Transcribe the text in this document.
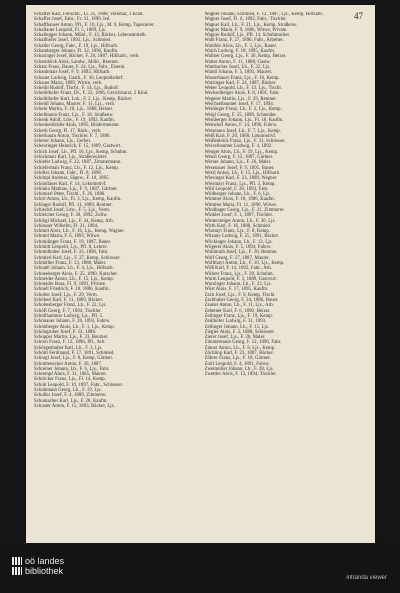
47

Schaffer Karl, Fleischh., Ll. 25, 1888, Volkmar, 3 Kind.

Schaffer Josef, Fabr., Fr. 31, 1899, led.

Schaffhauser Anton, Pfl., F. 10, Ljs., M. 9, Kemp, Tapezierer.

Schallauer Leopold, Fl. 5, 1889, Ljs.

Schallegger Johann, Mühl., F. 13, Bäcker, Lebensmittelh.

Schallhofer Josef, 1892, Ljs., Schmied.

Schaller Georg, Fabr., F. 19, Ljs., Hilfsarb.

Schamberger Johann, Fl. 32, 1896, Kaufm.

Scharinger Josef, Bäcker, F. 28, 1887, Hilfsarb., verh.

Scharnböck Alois, Landw., Mühl., Rentner.

Schatz Franz, Bauer, F. 24, Ljs., Fabr., Eisenb.

Schaubmair Josef, F. 9, 1893, Hilfsarb.

Schauer Ludwig, Gasth., F. 30, Leopoldsdorf.

Schauer Maria, 1889, Wirtin, verh.

Scheibl Rudolf, Tischl., F. 14, Ljs., Rudolf.

Scheiblhofer Franz, Dr., F. 22, 1896, Gerichtsarzt, 2 Kind.

Scheiblhofer Karl, Lok., F. 2, Ljs., Kemp, Bäcker.

Scheidl Johann, Maurer, F. 11, Ljs., verh.

Schein Martin, F. 20, Ljs., 1888, Heizer.

Schellmann Franz, Ljs., F. 18, Straßenw.

Schenk Adolf, Ldw., F. 19, 1892, Kaufm.

Schenkenfelder Alois, 1895, Bindermeister.

Scherb Georg, Fl. 17, Bäck., verh.

Scherbaum Anton, Tischler, F. 7, 1886.

Scherer Johann, Ljs., Gerber.

Scheuringer Heinrich, F. 15, 1889, Gastwirt.

Schick Josef, Lb., Pfl. 16, Ljs., Kemp, Schuhm.

Schickmair Karl, Ljs., Straßenwärter.

Schiefer Ludwig, F. 22, 1887, Zimmermann.

Schiefermair Franz, Lb., F. 12, Ljs., Kemp.

Schiller Johann, Fabr., Fl. 8, 1898.

Schimpl Andreas, Sägew., F. 10, 1895.

Schindlauer Karl, F. 14, Lokomotivf.

Schinko Mathias, Ljs., F. 9, 1887, Gärtner.

Schinnerl Peter, Tischl., F. 26, 1886.

Schirl Anton, Lb., Fl. 3, Ljs., Kemp, Kaufm.

Schlager Rudolf, Pfl. 11, 1889, Rentner.

Schlechtl Josef, Ldw., F. 5, Ljs., Verm.

Schleicher Georg, F. 30, 1892, Zollw.

Schlögl Michael, Ljs., F. 24, Kemp, Arb.

Schlosser Wilhelm, Fl. 21, 1884.

Schmid Alois, Lb., F. 16, Ljs., Kemp, Wagner.

Schmid Maria, F. 6, 1893, Witwe.

Schmidinger Franz, F. 19, 1887, Bauer.

Schmidt Leopold, Ljs., Pfl. 8, Lehrer.

Schmidhuber Josef, F. 33, 1896, Fabr.

Schmierl Karl, Ljs., F. 27, Kemp, Schlosser.

Schmöller Franz, F. 13, 1888, Maler.

Schnabl Johann, Lb., F. 4, Ljs., Hilfsarb.

Schneeberger Alois, F. 25, 1890, Kutscher.

Schneider Anton, Lb., F. 15, Ljs., Kemp.

Schneider Rosa, Fl. 9, 1891, Private.

Schnell Friedrich, F. 18, 1886, Kaufm.

Schober Josef, Ljs., F. 29, Verm.

Schöberl Karl, F. 11, 1889, Bäcker.

Schobesberger Franz, Lb., F. 22, Ljs.

Schöfl Georg, F. 7, 1894, Tischler.

Schöllhammer Ludwig, Ljs., Pfl. 5.

Schönauer Johann, F. 20, 1893, Fuhrw.

Schönberger Alois, Lb., F. 1, Ljs., Kemp.

Schöngruber Josef, F. 14, 1888.

Schopper Martin, Ljs., F. 23, Rentner.

Schorn Franz, F. 12, 1896, Pfl., Arb.

Schörgenhuber Karl, Lb., F. 3, Ljs.

Schöttl Ferdinand, F. 17, 1891, Schmied.

Schragl Josef, Ljs., F. 8, Kemp, Gärtner.

Schrattenecker Anton, F. 26, 1887.

Schreiner Johann, Lb., F. 6, Ljs., Fabr.

Schrempf Alois, F. 31, 1885, Maurer.

Schröcker Franz, Ljs., Fl. 14, Kemp.

Schuh Leopold, F. 10, 1897, Fabr., Schlosser.

Schuhmann Georg, Lb., F. 19, Ljs.

Schuller Josef, F. 4, 1889, Zimmerer.

Schumacher Karl, Ljs., F. 28, Kaufm.

Schuster Anton, F. 15, 1893, Bäcker, Ljs.

Wagner Johann, Schmied, F. 12, 1887, Ljs., Kemp, Hilfsarb.

Wagner Josef, Fl. 6, 1892, Fabr., Tischler.

Wagner Karl, Lb., F. 21, Ljs., Kemp, Straßenw.

Wagner Maria, F. 9, 1886, Witwe, Private.

Wagner Rudolf, Ljs., Pfl. 14, Schuhmacher.

Wahl Franz, F. 27, 1890, Fabr., Arbeiter.

Waldhör Alois, Lb., F. 3, Ljs., Bauer.

Walch Ludwig, F. 18, 1895, Kaufm.

Wallner Georg, Ljs., F. 30, Kemp, Heizer.

Walter Anton, F. 11, 1888, Gastw.

Wambacher Josef, Lb., F. 22, Ljs.

Wandl Johann, F. 5, 1893, Maurer.

Wasserbauer Franz, Ljs., F. 16, Kemp.

Watzinger Karl, F. 24, 1887, Bäcker.

Weber Leopold, Lb., F. 13, Ljs., Tischl.

Wechselberger Alois, F. 8, 1891, Fabr.

Wegerer Martin, Ljs., F. 29, Rentner.

Weichselbaumer Josef, F. 17, 1894.

Weidinger Franz, Lb., F. 2, Ljs., Kemp.

Weigl Georg, F. 25, 1889, Schneider.

Weinberger Johann, Ljs., Fl. 10, Kaufm.

Weinzierl Anton, F. 14, 1896, Fuhrw.

Weismann Josef, Lb., F. 7, Ljs., Kemp.

Weiß Karl, F. 20, 1888, Lokomotivf.

Weißenböck Franz, Ljs., F. 31, Schlosser.

Weixelbaumer Ludwig, F. 4, 1892.

Wenger Alois, Lb., F. 19, Ljs., Kemp.

Wenzl Georg, F. 12, 1887, Gärtner.

Werner Johann, Ljs., F. 26, Maler.

Wesenauer Josef, F. 9, 1895, Bauer.

Wetzl Anton, Lb., F. 15, Ljs., Hilfsarb.

Wiesinger Karl, F. 23, 1889, Wagner.

Wiesmayr Franz, Ljs., Pfl. 3, Kemp.

Wild Leopold, F. 28, 1893, Fabr.

Wildberger Johann, Lb., F. 6, Ljs.

Wimmer Alois, F. 18, 1886, Kaufm.

Wimmer Maria, Fl. 11, 1890, Witwe.

Windhager Georg, Ljs., F. 21, Zimmerer.

Winkler Josef, F. 1, 1897, Tischler.

Wintersteiger Anton, Lb., F. 30, Ljs.

Wirth Karl, F. 16, 1888, Schmied.

Wismayr Franz, Ljs., F. 8, Kemp.

Witzany Ludwig, F. 25, 1891, Bäcker.

Wöckinger Johann, Lb., F. 13, Ljs.

Wögerer Alois, F. 5, 1894, Fuhrw.

Wohlmuth Josef, Ljs., F. 20, Rentner.

Wolf Georg, F. 27, 1887, Maurer.

Wolfmayr Anton, Lb., F. 10, Ljs., Kemp.

Wöß Karl, F. 14, 1892, Fabr., Arb.

Wührer Franz, Ljs., F. 29, Schuhm.

Wurm Leopold, F. 3, 1889, Gastwirt.

Wurzinger Johann, Lb., F. 22, Ljs.

Wüst Alois, F. 17, 1895, Kaufm.

Zach Josef, Ljs., F. 9, Kemp, Tischl.

Zachhuber Georg, F. 24, 1886, Bauer.

Zauner Anton, Lb., F. 11, Ljs., Arb.

Zehetner Karl, F. 6, 1890, Heizer.

Zeilinger Franz, Ljs., F. 19, Kemp.

Zeitlhofer Ludwig, F. 31, 1893.

Zellinger Johann, Lb., F. 15, Ljs.

Ziegler Alois, F. 2, 1888, Schlosser.

Zierer Josef, Ljs., F. 26, Maler.

Zimmermann Georg, F. 12, 1896, Fabr.

Zinner Anton, Lb., F. 8, Ljs., Kemp.

Zöchling Karl, F. 23, 1887, Bäcker.

Zöhrer Franz, Ljs., F. 18, Gärtner.

Zoitl Leopold, F. 4, 1891, Fuhrw.

Zweimüller Johann, Lb., F. 28, Ljs.

Zwettler Alois, F. 13, 1894, Tischler.

oö landes
bibliothek
intranda viewer
